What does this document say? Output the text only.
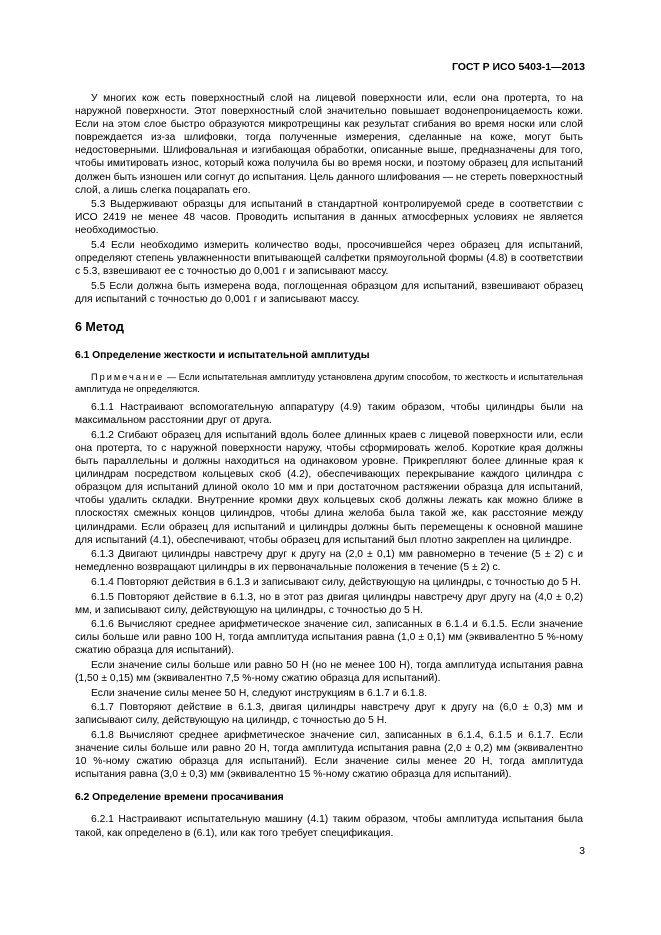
ГОСТ Р ИСО 5403-1—2013

У многих кож есть поверхностный слой на лицевой поверхности или, если она протерта, то на наружной поверхности. Этот поверхностный слой значительно повышает водонепроницаемость кожи. Если на этом слое быстро образуются микротрещины как результат сгибания во время носки или слой повреждается из-за шлифовки, тогда полученные измерения, сделанные на коже, могут быть недостоверными. Шлифовальная и изгибающая обработки, описанные выше, предназначены для того, чтобы имитировать износ, который кожа получила бы во время носки, и поэтому образец для испытаний должен быть изношен или согнут до испытания. Цель данного шлифования — не стереть поверхностный слой, а лишь слегка поцарапать его.

5.3 Выдерживают образцы для испытаний в стандартной контролируемой среде в соответствии с ИСО 2419 не менее 48 часов. Проводить испытания в данных атмосферных условиях не является необходимостью.

5.4 Если необходимо измерить количество воды, просочившейся через образец для испытаний, определяют степень увлажненности впитывающей салфетки прямоугольной формы (4.8) в соответствии с 5.3, взвешивают ее с точностью до 0,001 г и записывают массу.

5.5 Если должна быть измерена вода, поглощенная образцом для испытаний, взвешивают образец для испытаний с точностью до 0,001 г и записывают массу.

6 Метод
6.1 Определение жесткости и испытательной амплитуды

Примечание — Если испытательная амплитуду установлена другим способом, то жесткость и испытательная амплитуда не определяются.

6.1.1 Настраивают вспомогательную аппаратуру (4.9) таким образом, чтобы цилиндры были на максимальном расстоянии друг от друга.

6.1.2 Сгибают образец для испытаний вдоль более длинных краев с лицевой поверхности или, если она протерта, то с наружной поверхности наружу, чтобы сформировать желоб. Короткие края должны быть параллельны и должны находиться на одинаковом уровне. Прикрепляют более длинные края к цилиндрам посредством кольцевых скоб (4.2), обеспечивающих перекрывание каждого цилиндра с образцом для испытаний длиной около 10 мм и при достаточном растяжении образца для испытаний, чтобы удалить складки. Внутренние кромки двух кольцевых скоб должны лежать как можно ближе в плоскостях смежных концов цилиндров, чтобы длина желоба была такой же, как расстояние между цилиндрами. Если образец для испытаний и цилиндры должны быть перемещены к основной машине для испытаний (4.1), обеспечивают, чтобы образец для испытаний был плотно закреплен на цилиндре.

6.1.3 Двигают цилиндры навстречу друг к другу на (2,0 ± 0,1) мм равномерно в течение (5 ± 2) с и немедленно возвращают цилиндры в их первоначальные положения в течение (5 ± 2) с.

6.1.4 Повторяют действия в 6.1.3 и записывают силу, действующую на цилиндры, с точностью до 5 Н.

6.1.5 Повторяют действие в 6.1.3, но в этот раз двигая цилиндры навстречу друг другу на (4,0 ± 0,2) мм, и записывают силу, действующую на цилиндры, с точностью до 5 Н.

6.1.6 Вычисляют среднее арифметическое значение сил, записанных в 6.1.4 и 6.1.5. Если значение силы больше или равно 100 Н, тогда амплитуда испытания равна (1,0 ± 0,1) мм (эквивалентно 5 %-ному сжатию образца для испытаний).

Если значение силы больше или равно 50 Н (но не менее 100 Н), тогда амплитуда испытания равна (1,50 ± 0,15) мм (эквивалентно 7,5 %-ному сжатию образца для испытаний).

Если значение силы менее 50 Н, следуют инструкциям в 6.1.7 и 6.1.8.

6.1.7 Повторяют действие в 6.1.3, двигая цилиндры навстречу друг к другу на (6,0 ± 0,3) мм и записывают силу, действующую на цилиндр, с точностью до 5 Н.

6.1.8 Вычисляют среднее арифметическое значение сил, записанных в 6.1.4, 6.1.5 и 6.1.7. Если значение силы больше или равно 20 Н, тогда амплитуда испытания равна (2,0 ± 0,2) мм (эквивалентно 10 %-ному сжатию образца для испытаний). Если значение силы менее 20 Н, тогда амплитуда испытания равна (3,0 ± 0,3) мм (эквивалентно 15 %-ному сжатию образца для испытаний).

6.2 Определение времени просачивания

6.2.1 Настраивают испытательную машину (4.1) таким образом, чтобы амплитуда испытания была такой, как определено в (6.1), или как того требует спецификация.

3
